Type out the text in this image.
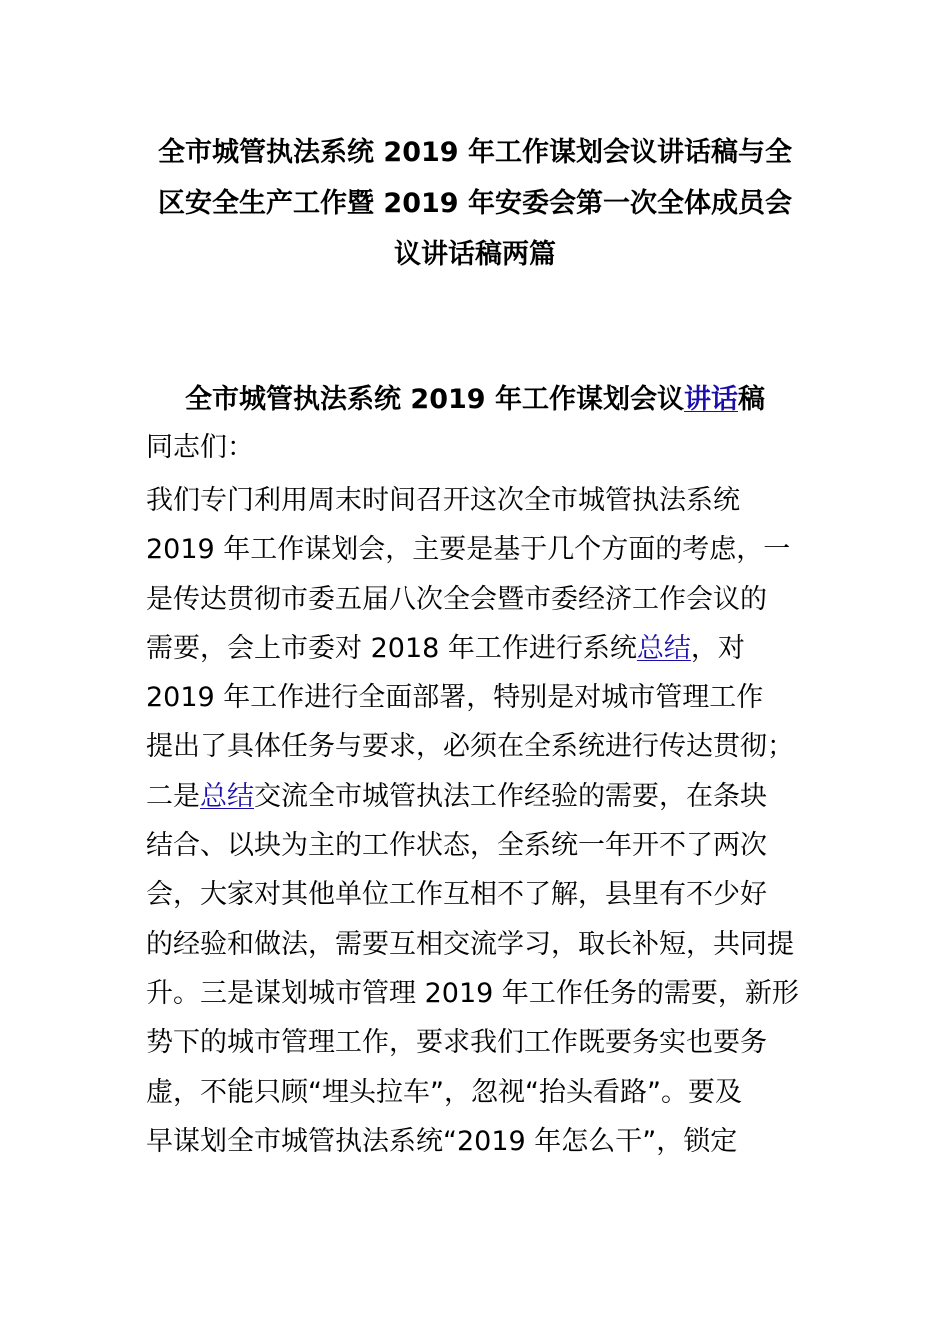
全市城管执法系统 2019 年工作谋划会议讲话稿与全
区安全生产工作暨 2019 年安委会第一次全体成员会
议讲话稿两篇
全市城管执法系统 2019 年工作谋划会议讲话稿

同志们：

我们专门利用周末时间召开这次全市城管执法系统
2019 年工作谋划会，主要是基于几个方面的考虑，一
是传达贯彻市委五届八次全会暨市委经济工作会议的
需要，会上市委对 2018 年工作进行系统总结，对
2019 年工作进行全面部署，特别是对城市管理工作
提出了具体任务与要求，必须在全系统进行传达贯彻；
二是总结交流全市城管执法工作经验的需要，在条块
结合、以块为主的工作状态，全系统一年开不了两次
会，大家对其他单位工作互相不了解，县里有不少好
的经验和做法，需要互相交流学习，取长补短，共同提
升。三是谋划城市管理 2019 年工作任务的需要，新形
势下的城市管理工作，要求我们工作既要务实也要务
虚，不能只顾“埋头拉车”，忽视“抬头看路”。要及
早谋划全市城管执法系统“2019 年怎么干”，锁定
